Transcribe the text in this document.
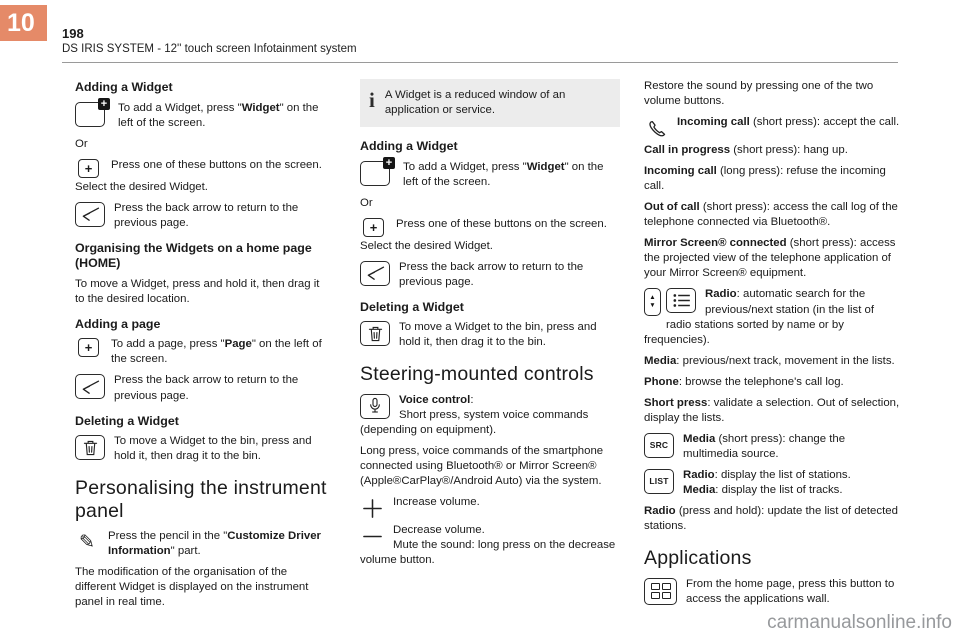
10	198
DS IRIS SYSTEM - 12'' touch screen Infotainment system
Adding a Widget
+ To add a Widget, press "Widget" on the left of the screen.

Or

+	Press one of these buttons on the screen.

Select the desired Widget.

Press the back arrow to return to the previous page.
Organising the Widgets on a home page (HOME)

To move a Widget, press and hold it, then drag it to the desired location.

Adding a page
+	To add a page, press "Page" on the left of the screen.
Press the back arrow to return to the previous page.
Deleting a Widget
To move a Widget to the bin, press and hold it, then drag it to the bin.
Personalising the instrument panel
✎	Press the pencil in the "Customize Driver Information" part.

The modification of the organisation of the different Widget is displayed on the instrument panel in real time.

i A Widget is a reduced window of an application or service.
Adding a Widget
+ To add a Widget, press "Widget" on the left of the screen.

Or

+	Press one of these buttons on the screen.

Select the desired Widget.

Press the back arrow to return to the previous page.
Deleting a Widget
To move a Widget to the bin, press and hold it, then drag it to the bin.
Steering-mounted controls
Voice control:
Short press, system voice commands (depending on equipment).

Long press, voice commands of the smartphone connected using Bluetooth® or Mirror Screen® (Apple®CarPlay®/Android Auto) via the system.

Increase volume.
Decrease volume.
Mute the sound: long press on the decrease volume button.

Restore the sound by pressing one of the two volume buttons.

Incoming call (short press): accept the call.

Call in progress (short press): hang up.

Incoming call (long press): refuse the incoming call.

Out of call (short press): access the call log of the telephone connected via Bluetooth®.

Mirror Screen® connected (short press): access the projected view of the telephone application of your Mirror Screen® equipment.

▲
▼
Radio: automatic search for the previous/next station (in the list of radio stations sorted by name or by frequencies).

Media: previous/next track, movement in the lists.

Phone: browse the telephone's call log.

Short press: validate a selection. Out of selection, display the lists.

SRC	Media (short press): change the multimedia source.
LIST	Radio: display the list of stations.
Media: display the list of tracks.

Radio (press and hold): update the list of detected stations.

Applications
From the home page, press this button to access the applications wall.
carmanualsonline.info
